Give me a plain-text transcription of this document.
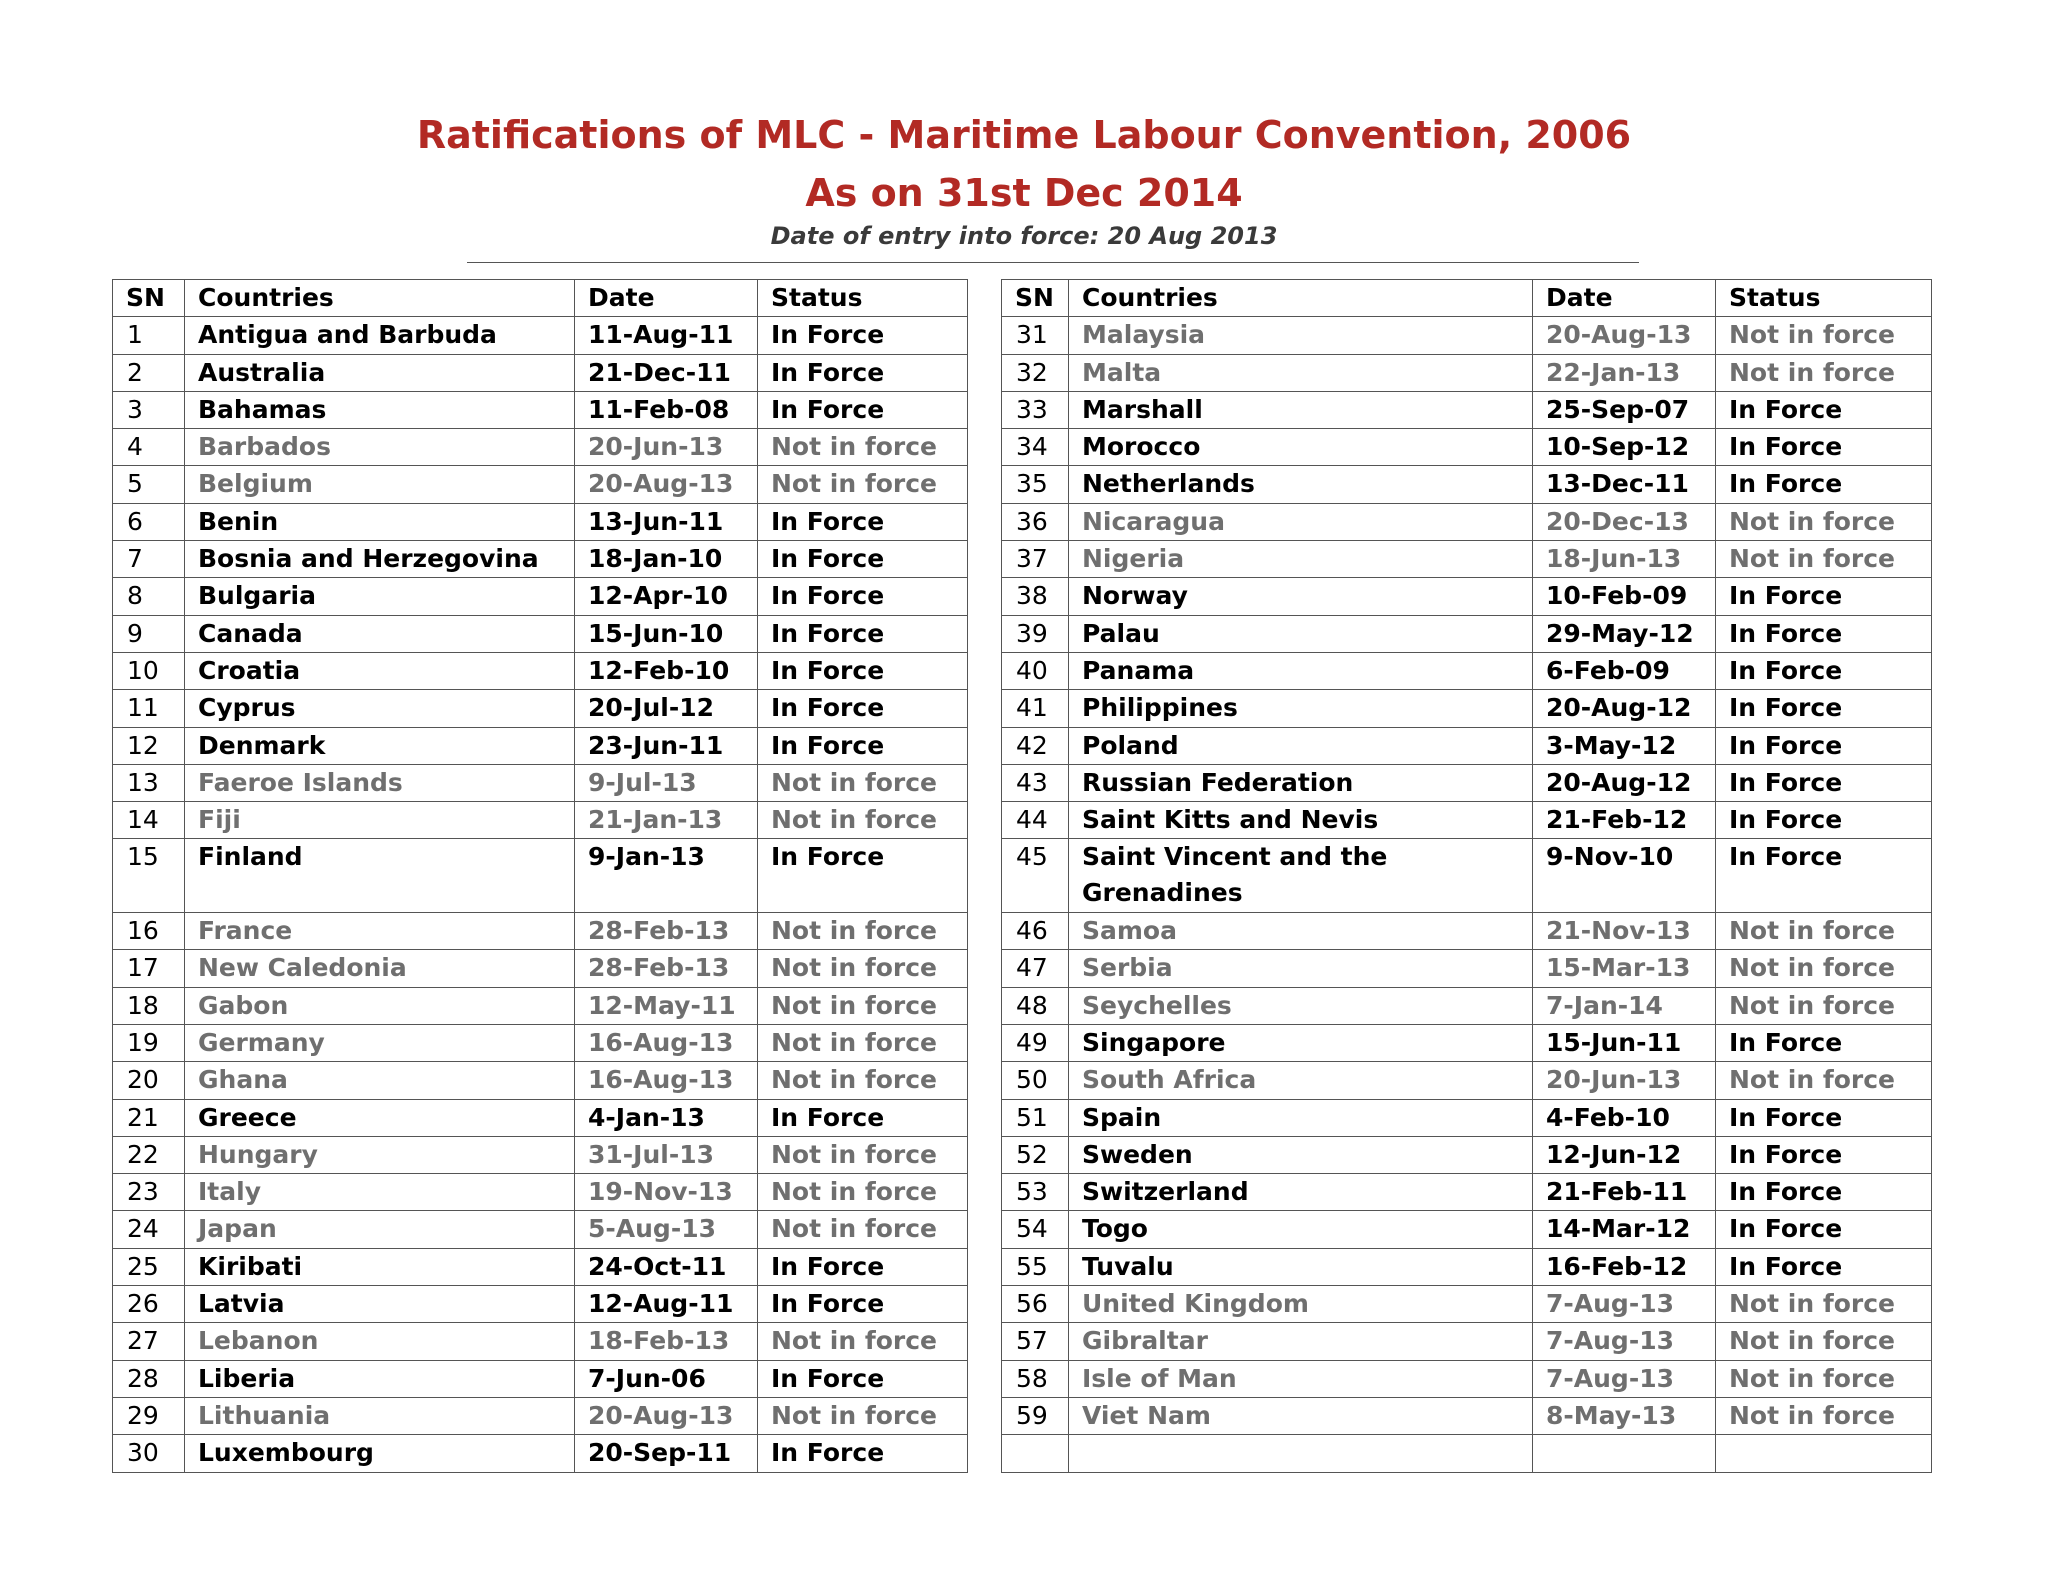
Ratifications of MLC - Maritime Labour Convention, 2006
As on 31st Dec 2014
Date of entry into force: 20 Aug 2013
SN	Countries	Date	Status
1	Antigua and Barbuda	11-Aug-11	In Force
2	Australia	21-Dec-11	In Force
3	Bahamas	11-Feb-08	In Force
4	Barbados	20-Jun-13	Not in force
5	Belgium	20-Aug-13	Not in force
6	Benin	13-Jun-11	In Force
7	Bosnia and Herzegovina	18-Jan-10	In Force
8	Bulgaria	12-Apr-10	In Force
9	Canada	15-Jun-10	In Force
10	Croatia	12-Feb-10	In Force
11	Cyprus	20-Jul-12	In Force
12	Denmark	23-Jun-11	In Force
13	Faeroe Islands	9-Jul-13	Not in force
14	Fiji	21-Jan-13	Not in force
15	Finland	9-Jan-13	In Force
16	France	28-Feb-13	Not in force
17	New Caledonia	28-Feb-13	Not in force
18	Gabon	12-May-11	Not in force
19	Germany	16-Aug-13	Not in force
20	Ghana	16-Aug-13	Not in force
21	Greece	4-Jan-13	In Force
22	Hungary	31-Jul-13	Not in force
23	Italy	19-Nov-13	Not in force
24	Japan	5-Aug-13	Not in force
25	Kiribati	24-Oct-11	In Force
26	Latvia	12-Aug-11	In Force
27	Lebanon	18-Feb-13	Not in force
28	Liberia	7-Jun-06	In Force
29	Lithuania	20-Aug-13	Not in force
30	Luxembourg	20-Sep-11	In Force
SN	Countries	Date	Status
31	Malaysia	20-Aug-13	Not in force
32	Malta	22-Jan-13	Not in force
33	Marshall	25-Sep-07	In Force
34	Morocco	10-Sep-12	In Force
35	Netherlands	13-Dec-11	In Force
36	Nicaragua	20-Dec-13	Not in force
37	Nigeria	18-Jun-13	Not in force
38	Norway	10-Feb-09	In Force
39	Palau	29-May-12	In Force
40	Panama	6-Feb-09	In Force
41	Philippines	20-Aug-12	In Force
42	Poland	3-May-12	In Force
43	Russian Federation	20-Aug-12	In Force
44	Saint Kitts and Nevis	21-Feb-12	In Force
45	Saint Vincent and the Grenadines	9-Nov-10	In Force
46	Samoa	21-Nov-13	Not in force
47	Serbia	15-Mar-13	Not in force
48	Seychelles	7-Jan-14	Not in force
49	Singapore	15-Jun-11	In Force
50	South Africa	20-Jun-13	Not in force
51	Spain	4-Feb-10	In Force
52	Sweden	12-Jun-12	In Force
53	Switzerland	21-Feb-11	In Force
54	Togo	14-Mar-12	In Force
55	Tuvalu	16-Feb-12	In Force
56	United Kingdom	7-Aug-13	Not in force
57	Gibraltar	7-Aug-13	Not in force
58	Isle of Man	7-Aug-13	Not in force
59	Viet Nam	8-May-13	Not in force
